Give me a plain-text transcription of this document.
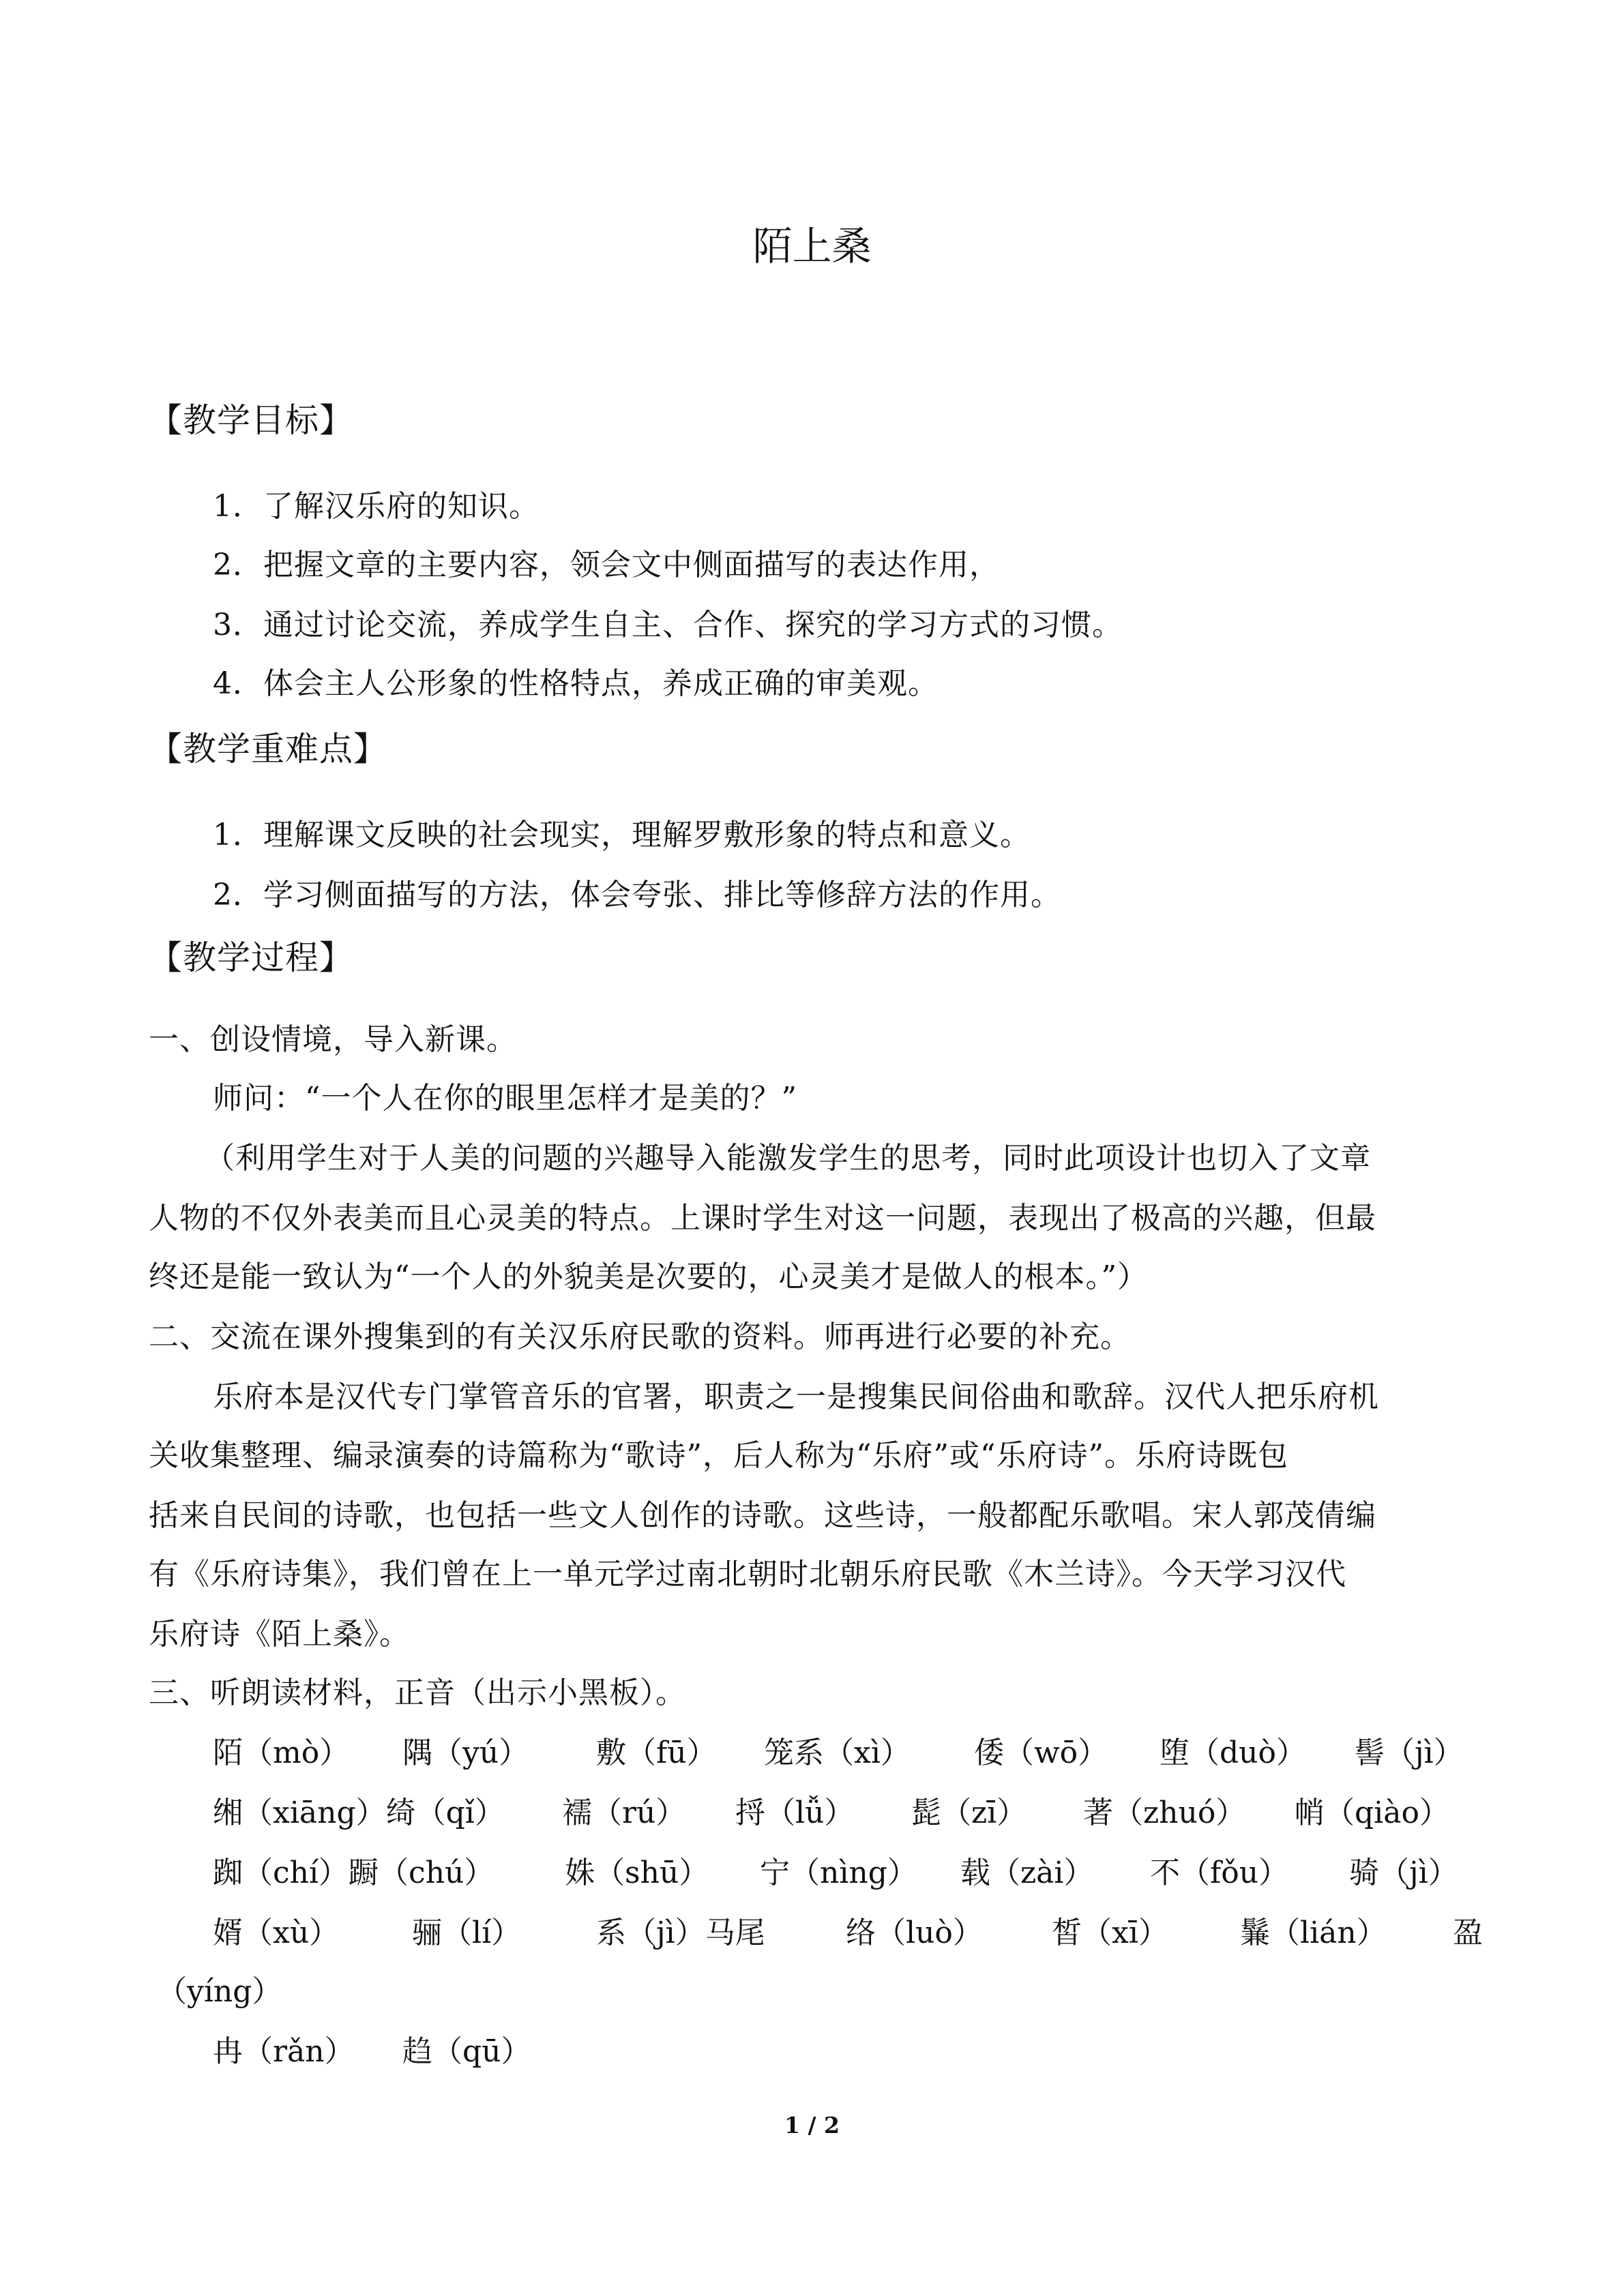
陌上桑
【教学目标】
1．了解汉乐府的知识。
2．把握文章的主要内容，领会文中侧面描写的表达作用，
3．通过讨论交流，养成学生自主、合作、探究的学习方式的习惯。
4．体会主人公形象的性格特点，养成正确的审美观。
【教学重难点】
1．理解课文反映的社会现实，理解罗敷形象的特点和意义。
2．学习侧面描写的方法，体会夸张、排比等修辞方法的作用。
【教学过程】
一、创设情境，导入新课。
师问：“一个人在你的眼里怎样才是美的？”
（利用学生对于人美的问题的兴趣导入能激发学生的思考，同时此项设计也切入了文章
人物的不仅外表美而且心灵美的特点。上课时学生对这一问题，表现出了极高的兴趣，但最
终还是能一致认为“一个人的外貌美是次要的，心灵美才是做人的根本。”）
二、交流在课外搜集到的有关汉乐府民歌的资料。师再进行必要的补充。
乐府本是汉代专门掌管音乐的官署，职责之一是搜集民间俗曲和歌辞。汉代人把乐府机
关收集整理、编录演奏的诗篇称为“歌诗”，后人称为“乐府”或“乐府诗”。乐府诗既包
括来自民间的诗歌，也包括一些文人创作的诗歌。这些诗，一般都配乐歌唱。宋人郭茂倩编
有《乐府诗集》，我们曾在上一单元学过南北朝时北朝乐府民歌《木兰诗》。今天学习汉代
乐府诗《陌上桑》。
三、听朗读材料，正音（出示小黑板）。
陌（mò） 隅（yú） 敷（fū） 笼系（xì） 倭（wō） 堕（duò） 髻（jì）
缃（xiāng）绮（qǐ） 襦（rú） 捋（lǚ） 髭（zī） 著（zhuó） 帩（qiào）
踟（chí）蹰（chú） 姝（shū） 宁（nìng） 载（zài） 不（fǒu） 骑（jì）
婿（xù） 骊（lí） 系（jì）马尾	络（luò） 皙（xī） 鬑（lián） 盈
（yíng）
冉（rǎn） 趋（qū）
1 / 2
